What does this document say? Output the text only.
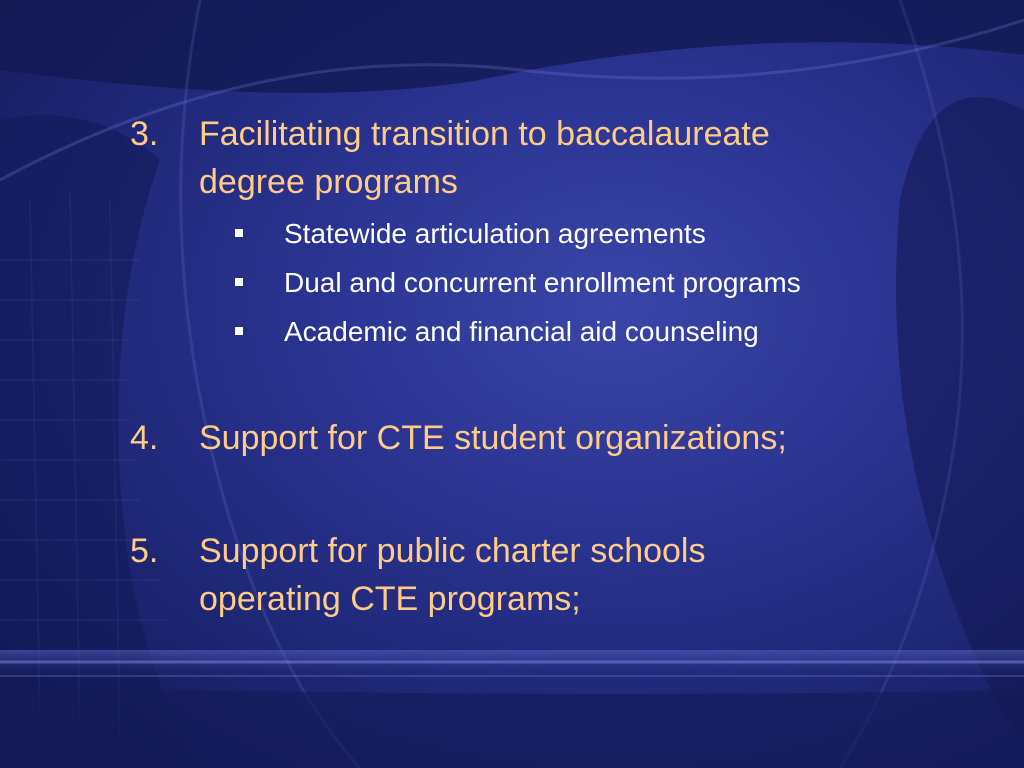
3.	Facilitating transition to baccalaureate
degree programs
Statewide articulation agreements
Dual and concurrent enrollment programs
Academic and financial aid counseling
4.	Support for CTE student organizations;
5.	Support for public charter schools
operating CTE programs;
